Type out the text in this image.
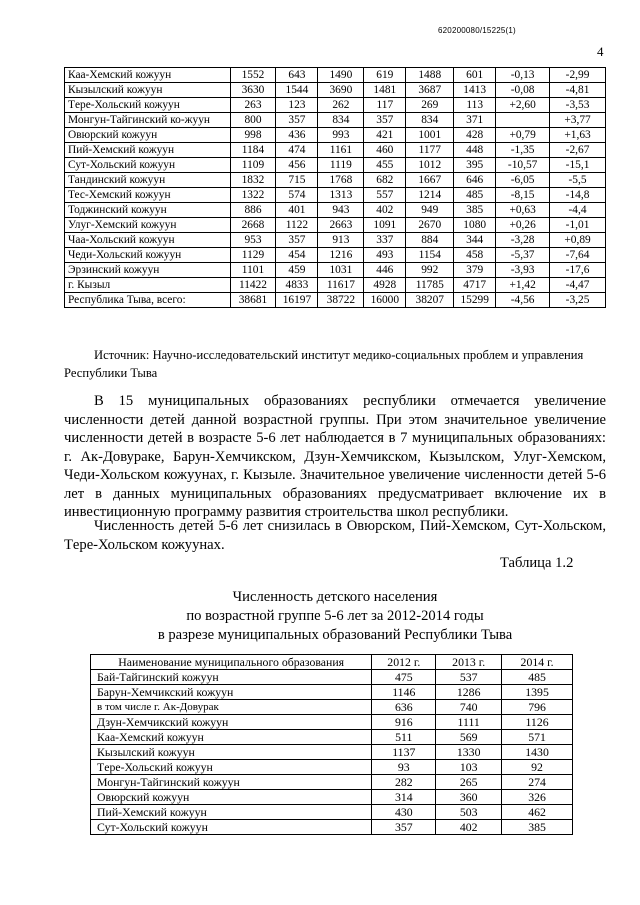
620200080/15225(1)
4
Каа-Хемский кожуун	1552	643	1490	619	1488	601	-0,13	-2,99
Кызылский кожуун	3630	1544	3690	1481	3687	1413	-0,08	-4,81
Tере-Хольский кожуун	263	123	262	117	269	113	+2,60	-3,53
Монгун-Тайгинский ко-жуун	800	357	834	357	834	371		+3,77
Овюрский кожуун	998	436	993	421	1001	428	+0,79	+1,63
Пий-Хемский кожуун	1184	474	1161	460	1177	448	-1,35	-2,67
Сут-Хольский кожуун	1109	456	1119	455	1012	395	-10,57	-15,1
Тандинский кожуун	1832	715	1768	682	1667	646	-6,05	-5,5
Тес-Хемский кожуун	1322	574	1313	557	1214	485	-8,15	-14,8
Тоджинский кожуун	886	401	943	402	949	385	+0,63	-4,4
Улуг-Хемский кожуун	2668	1122	2663	1091	2670	1080	+0,26	-1,01
Чаа-Хольский кожуун	953	357	913	337	884	344	-3,28	+0,89
Чеди-Хольский кожуун	1129	454	1216	493	1154	458	-5,37	-7,64
Эрзинский кожуун	1101	459	1031	446	992	379	-3,93	-17,6
г. Кызыл	11422	4833	11617	4928	11785	4717	+1,42	-4,47
Республика Тыва, всего:	38681	16197	38722	16000	38207	15299	-4,56	-3,25

Источник: Научно-исследовательский институт медико-социальных проблем и управления Республики Тыва

В 15 муниципальных образованиях республики отмечается увеличение численности детей данной возрастной группы. При этом значительное увеличение численности детей в возрасте 5-6 лет наблюдается в 7 муниципальных образованиях: г. Ак-Довураке, Барун-Хемчикском, Дзун-Хемчикском, Кызылском, Улуг-Хемском, Чеди-Хольском кожуунах, г. Кызыле. Значительное увеличение численности детей 5-6 лет в данных муниципальных образованиях предусматривает включение их в инвестиционную программу развития строительства школ республики.

Численность детей 5-6 лет снизилась в Овюрском, Пий-Хемском, Сут-Хольском, Tере-Хольском кожуунах.

Таблица 1.2
Численность детского населения
по возрастной группе 5-6 лет за 2012-2014 годы
в разрезе муниципальных образований Республики Тыва
Наименование муниципального образования	2012 г.	2013 г.	2014 г.
Бай-Тайгинский кожуун	475	537	485
Барун-Хемчикский кожуун	1146	1286	1395
в том числе г. Ак-Довурак	636	740	796
Дзун-Хемчикский кожуун	916	1111	1126
Каа-Хемский кожуун	511	569	571
Кызылский кожуун	1137	1330	1430
Tере-Хольский кожуун	93	103	92
Монгун-Тайгинский кожуун	282	265	274
Овюрский кожуун	314	360	326
Пий-Хемский кожуун	430	503	462
Сут-Хольский кожуун	357	402	385
